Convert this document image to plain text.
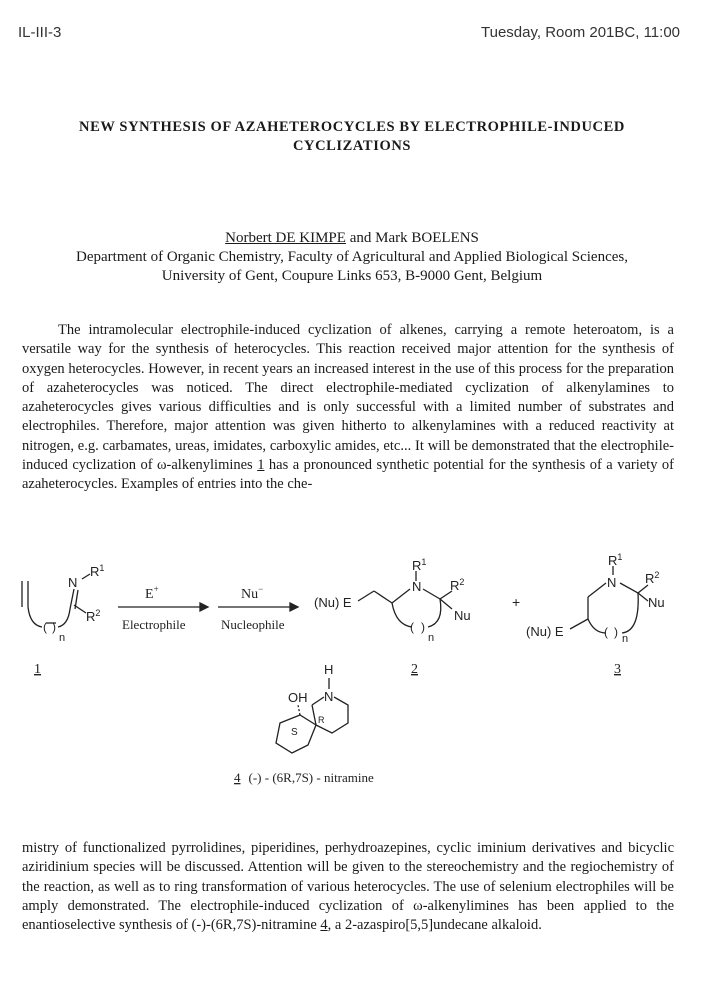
IL-III-3	Tuesday, Room 201BC, 11:00
NEW SYNTHESIS OF AZAHETEROCYCLES BY ELECTROPHILE-INDUCED CYCLIZATIONS
Norbert DE KIMPE and Mark BOELENS
Department of Organic Chemistry, Faculty of Agricultural and Applied Biological Sciences,
University of Gent, Coupure Links 653, B-9000 Gent, Belgium

The intramolecular electrophile-induced cyclization of alkenes, carrying a remote heteroatom, is a versatile way for the synthesis of heterocycles. This reaction received major attention for the synthesis of oxygen heterocycles. However, in recent years an increased interest in the use of this process for the preparation of azaheterocycles was noticed. The direct electrophile-mediated cyclization of alkenylamines to azaheterocycles gives various difficulties and is only successful with a limited number of substrates and electrophiles. Therefore, major attention was given hitherto to alkenylamines with a reduced reactivity at nitrogen, e.g. carbamates, ureas, imidates, carboxylic amides, etc... It will be demonstrated that the electrophile-induced cyclization of ω-alkenylimines 1 has a pronounced synthetic potential for the synthesis of a variety of azaheterocycles. Examples of entries into the che-

( )
N
$R^1$
$R^2$
n
E+
Electrophile
Nu−
Nucleophile
(Nu) E
( )
$R^1$
N $R^2$
Nu
n
+
(Nu) E	( )
$R^1$
N $R^2$
Nu
n
1	2	3
H
N
OH
S
R
4 (-) - (6R,7S) - nitramine

mistry of functionalized pyrrolidines, piperidines, perhydroazepines, cyclic iminium derivatives and bicyclic aziridinium species will be discussed. Attention will be given to the stereochemistry and the regiochemistry of the reaction, as well as to ring transformation of various heterocycles. The use of selenium electrophiles will be amply demonstrated. The electrophile-induced cyclization of ω-alkenylimines has been applied to the enantioselective synthesis of (-)-(6R,7S)-nitramine 4, a 2-azaspiro[5,5]undecane alkaloid.
